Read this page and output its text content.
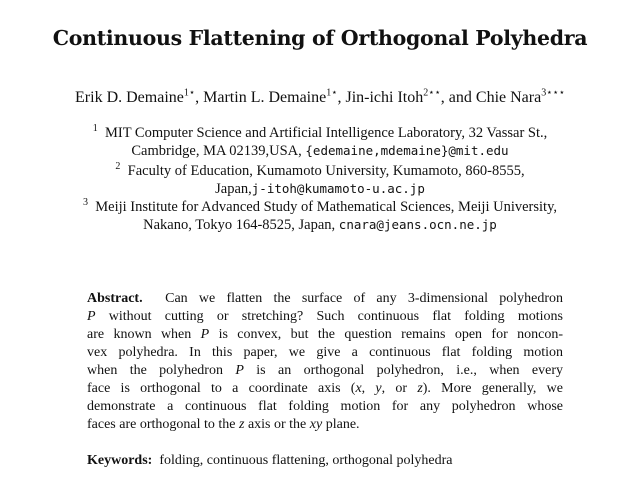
Continuous Flattening of Orthogonal Polyhedra
Erik D. Demaine$^{1⋆}$, Martin L. Demaine$^{1⋆}$, Jin-ichi Itoh$^{2⋆⋆}$, and Chie Nara$^{3⋆⋆⋆}$
$^1$ MIT Computer Science and Artificial Intelligence Laboratory, 32 Vassar St.,
Cambridge, MA 02139,USA, {edemaine,mdemaine}@mit.edu
$^2$ Faculty of Education, Kumamoto University, Kumamoto, 860-8555,
Japan,j-itoh@kumamoto-u.ac.jp
$^3$ Meiji Institute for Advanced Study of Mathematical Sciences, Meiji University,
Nakano, Tokyo 164-8525, Japan, cnara@jeans.ocn.ne.jp
Abstract. Can we flatten the surface of any 3-dimensional polyhedron
P without cutting or stretching? Such continuous flat folding motions
are known when P is convex, but the question remains open for noncon-
vex polyhedra. In this paper, we give a continuous flat folding motion
when the polyhedron P is an orthogonal polyhedron, i.e., when every
face is orthogonal to a coordinate axis (x, y, or z). More generally, we
demonstrate a continuous flat folding motion for any polyhedron whose
faces are orthogonal to the z axis or the xy plane.
Keywords: folding, continuous flattening, orthogonal polyhedra
